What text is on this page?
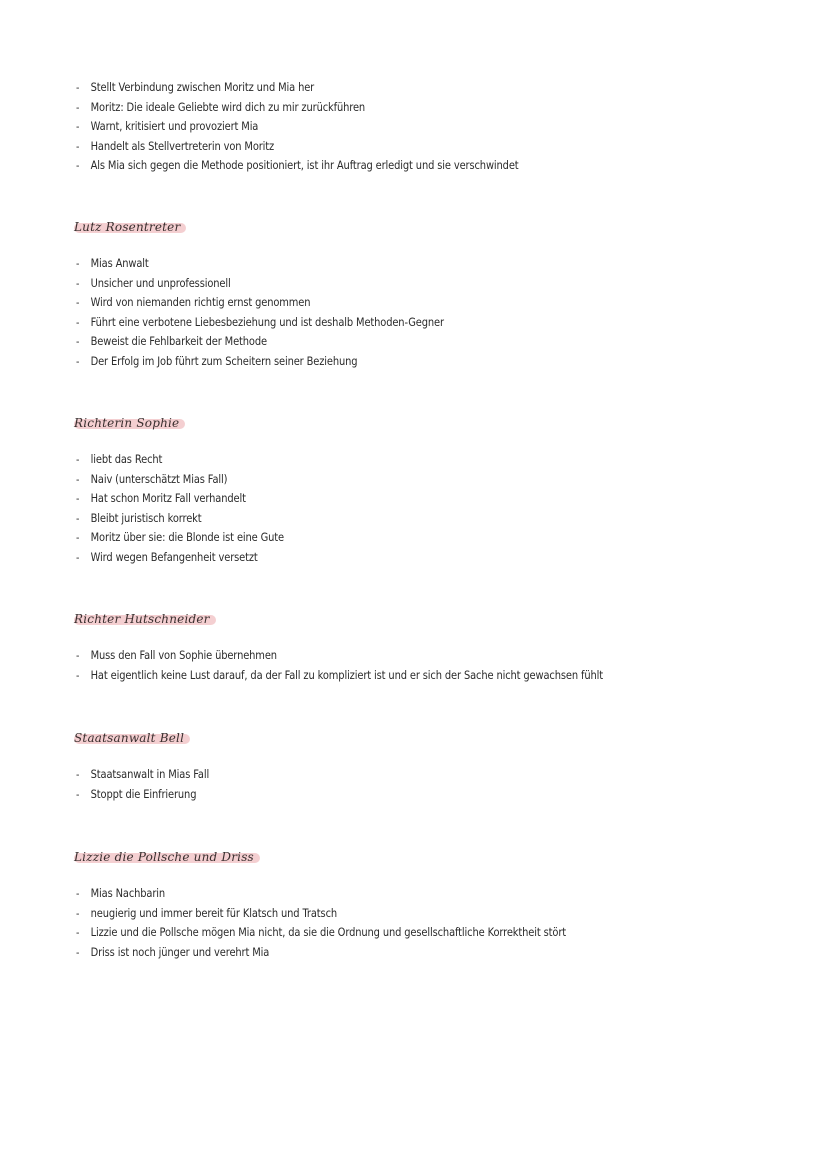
- Stellt Verbindung zwischen Moritz und Mia her
- Moritz: Die ideale Geliebte wird dich zu mir zurückführen
- Warnt, kritisiert und provoziert Mia
- Handelt als Stellvertreterin von Moritz
- Als Mia sich gegen die Methode positioniert, ist ihr Auftrag erledigt und sie verschwindet
Lutz Rosentreter
- Mias Anwalt
- Unsicher und unprofessionell
- Wird von niemanden richtig ernst genommen
- Führt eine verbotene Liebesbeziehung und ist deshalb Methoden-Gegner
- Beweist die Fehlbarkeit der Methode
- Der Erfolg im Job führt zum Scheitern seiner Beziehung
Richterin Sophie
- liebt das Recht
- Naiv (unterschätzt Mias Fall)
- Hat schon Moritz Fall verhandelt
- Bleibt juristisch korrekt
- Moritz über sie: die Blonde ist eine Gute
- Wird wegen Befangenheit versetzt
Richter Hutschneider
- Muss den Fall von Sophie übernehmen
- Hat eigentlich keine Lust darauf, da der Fall zu kompliziert ist und er sich der Sache nicht gewachsen fühlt
Staatsanwalt Bell
- Staatsanwalt in Mias Fall
- Stoppt die Einfrierung
Lizzie die Pollsche und Driss
- Mias Nachbarin
- neugierig und immer bereit für Klatsch und Tratsch
- Lizzie und die Pollsche mögen Mia nicht, da sie die Ordnung und gesellschaftliche Korrektheit stört
- Driss ist noch jünger und verehrt Mia
